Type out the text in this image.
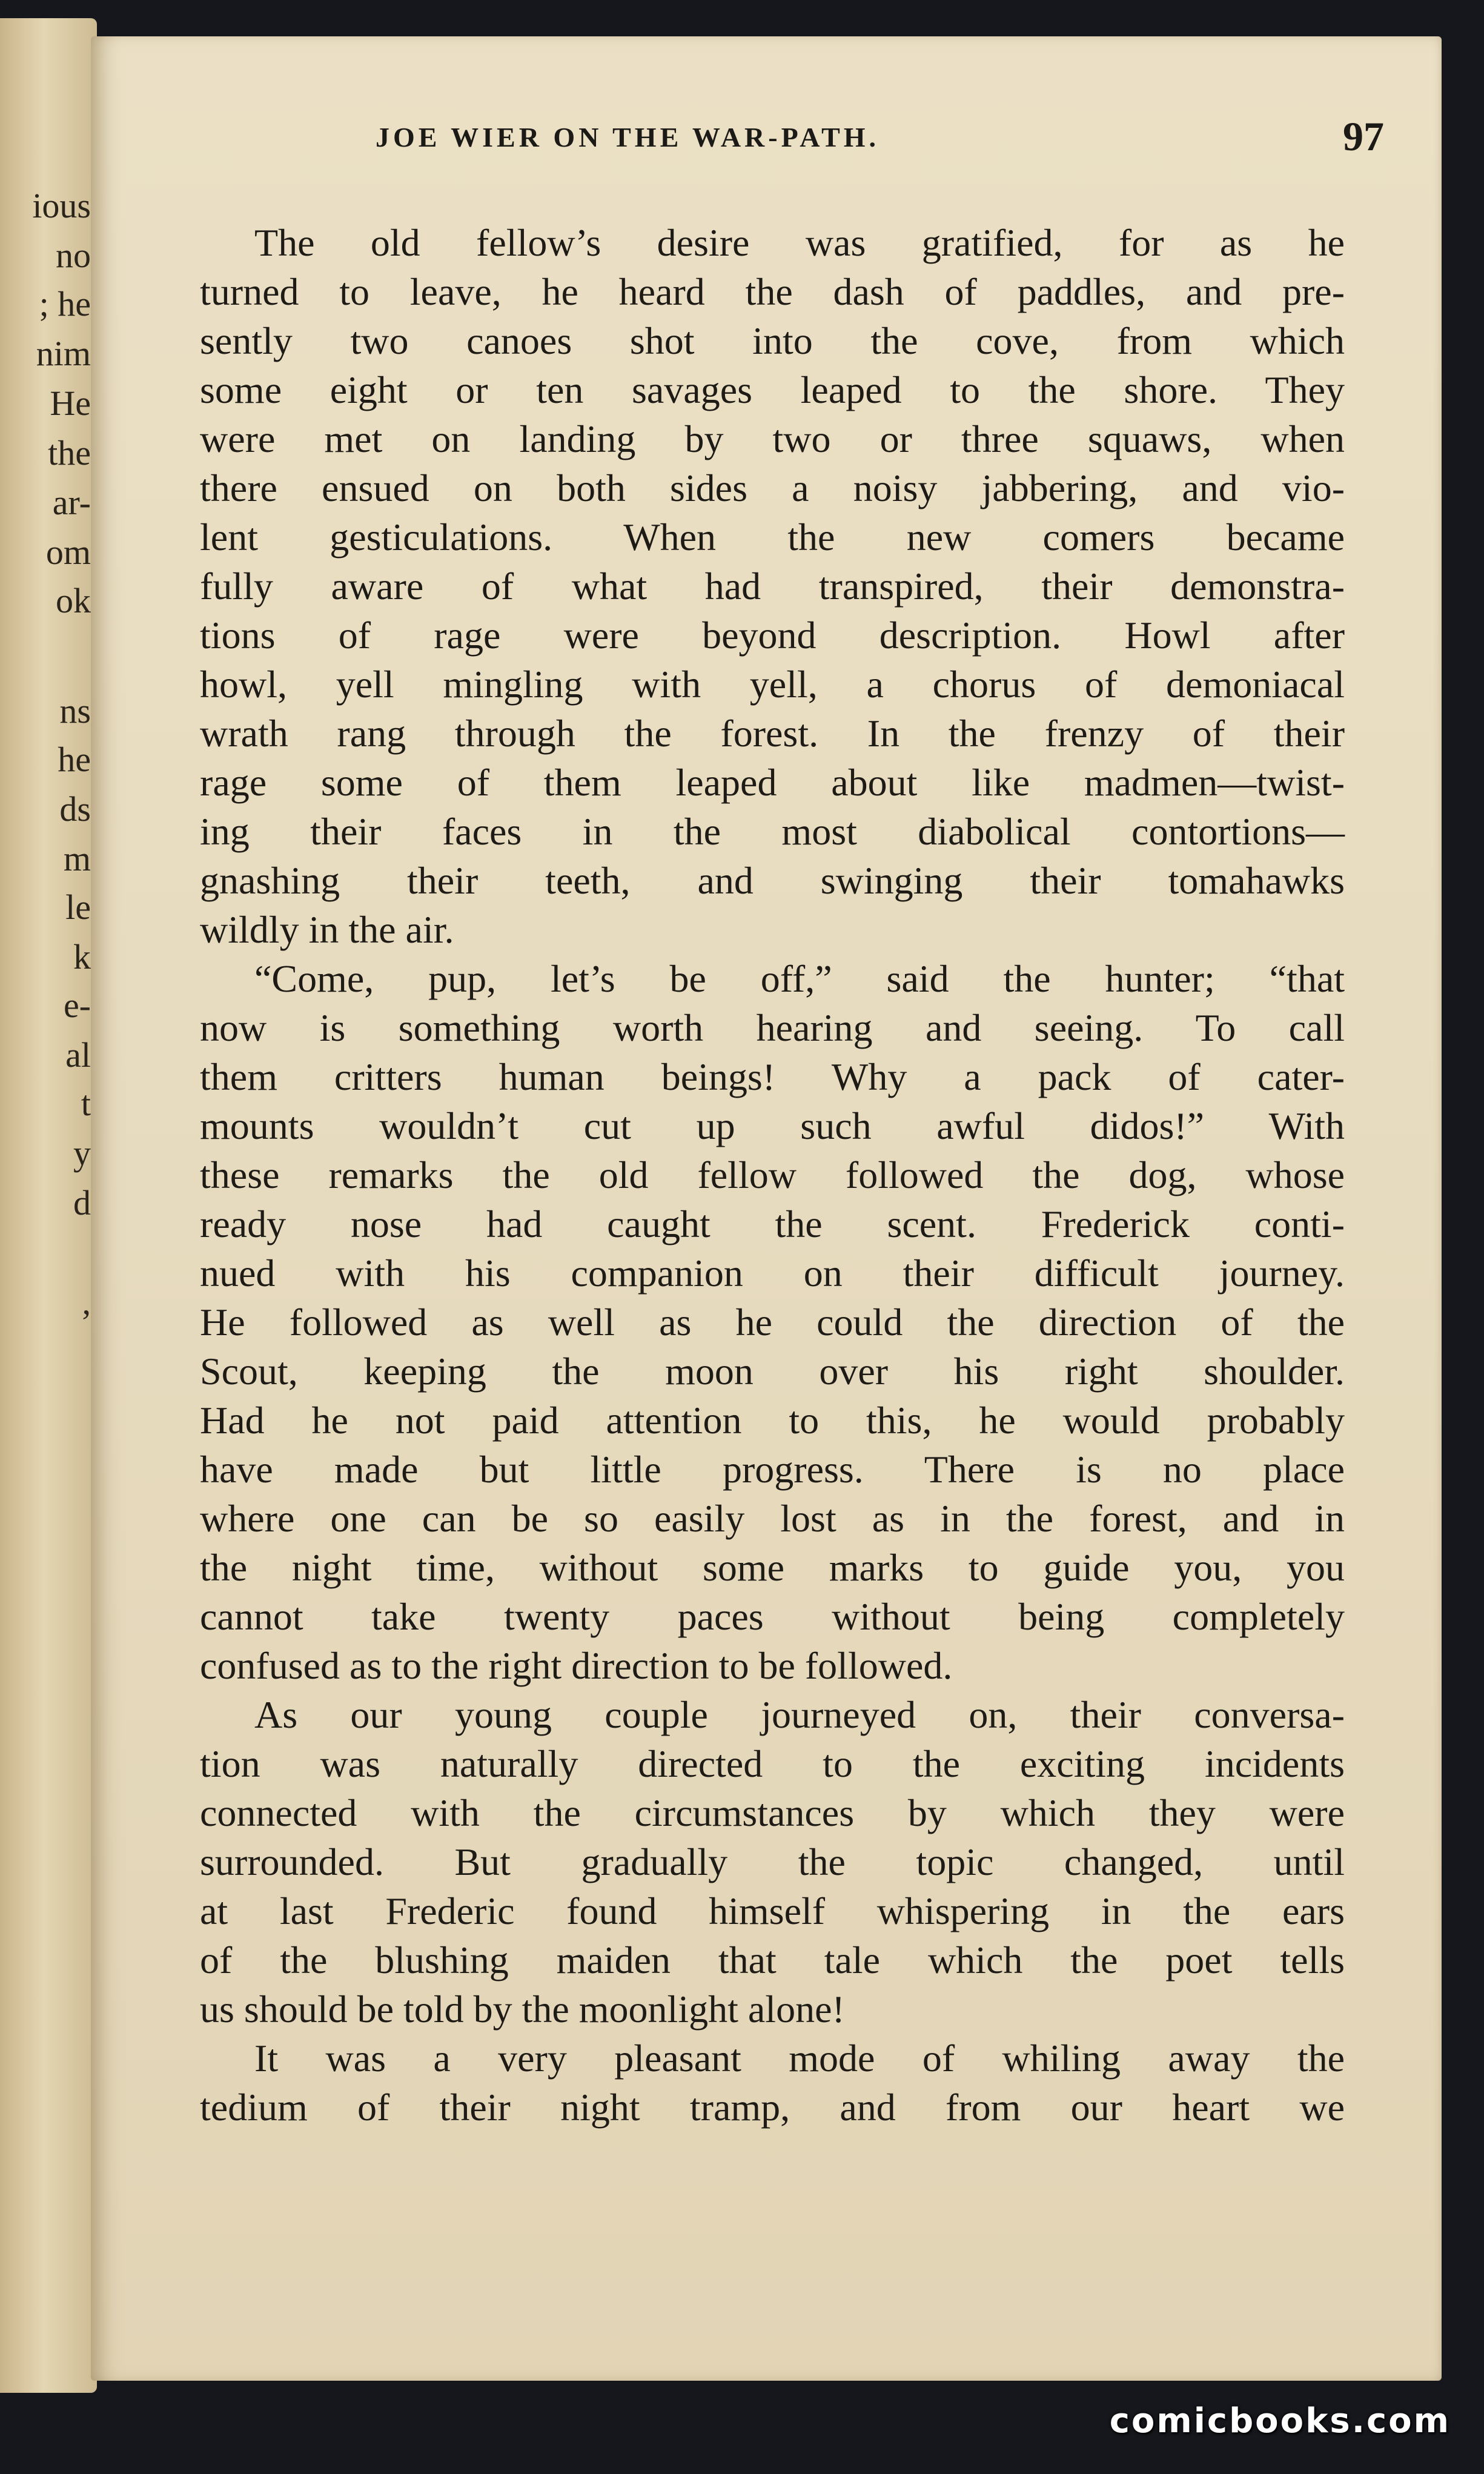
ious
no
; he
nim
He
the
ar-
om
ok
ns
he
ds
m
le
k
e-
al
t
y
d
,
JOE WIER ON THE WAR-PATH.	97
The old fellow’s desire was gratified, for as he
turned to leave, he heard the dash of paddles, and pre-
sently two canoes shot into the cove, from which
some eight or ten savages leaped to the shore. They
were met on landing by two or three squaws, when
there ensued on both sides a noisy jabbering, and vio-
lent gesticulations. When the new comers became
fully aware of what had transpired, their demonstra-
tions of rage were beyond description. Howl after
howl, yell mingling with yell, a chorus of demoniacal
wrath rang through the forest. In the frenzy of their
rage some of them leaped about like madmen—twist-
ing their faces in the most diabolical contortions—
gnashing their teeth, and swinging their tomahawks
wildly in the air.
“Come, pup, let’s be off,” said the hunter; “that
now is something worth hearing and seeing. To call
them critters human beings! Why a pack of cater-
mounts wouldn’t cut up such awful didos!” With
these remarks the old fellow followed the dog, whose
ready nose had caught the scent. Frederick conti-
nued with his companion on their difficult journey.
He followed as well as he could the direction of the
Scout, keeping the moon over his right shoulder.
Had he not paid attention to this, he would probably
have made but little progress. There is no place
where one can be so easily lost as in the forest, and in
the night time, without some marks to guide you, you
cannot take twenty paces without being completely
confused as to the right direction to be followed.
As our young couple journeyed on, their conversa-
tion was naturally directed to the exciting incidents
connected with the circumstances by which they were
surrounded. But gradually the topic changed, until
at last Frederic found himself whispering in the ears
of the blushing maiden that tale which the poet tells
us should be told by the moonlight alone!
It was a very pleasant mode of whiling away the
tedium of their night tramp, and from our heart we
comicbooks.com
